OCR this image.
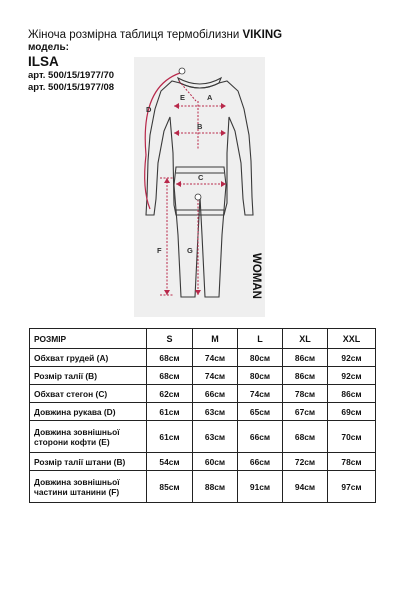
Жіноча розмірна таблиця термобілизни VIKING
модель:
ILSA
арт. 500/15/1977/70
арт. 500/15/1977/08
A
B
C
D
E
F	G
WOMAN
РОЗМІР	S	M	L	XL	XXL
Обхват грудей (A)	68см	74см	80см	86см	92см
Розмір талії (B)	68см	74см	80см	86см	92см
Обхват стегон (C)	62см	66см	74см	78см	86см
Довжина рукава (D)	61см	63см	65см	67см	69см
Довжина зовнішньої сторони кофти (E)	61см	63см	66см	68см	70см
Розмір талії штани (B)	54см	60см	66см	72см	78см
Довжина зовнішньої частини штанини (F)	85см	88см	91см	94см	97см
